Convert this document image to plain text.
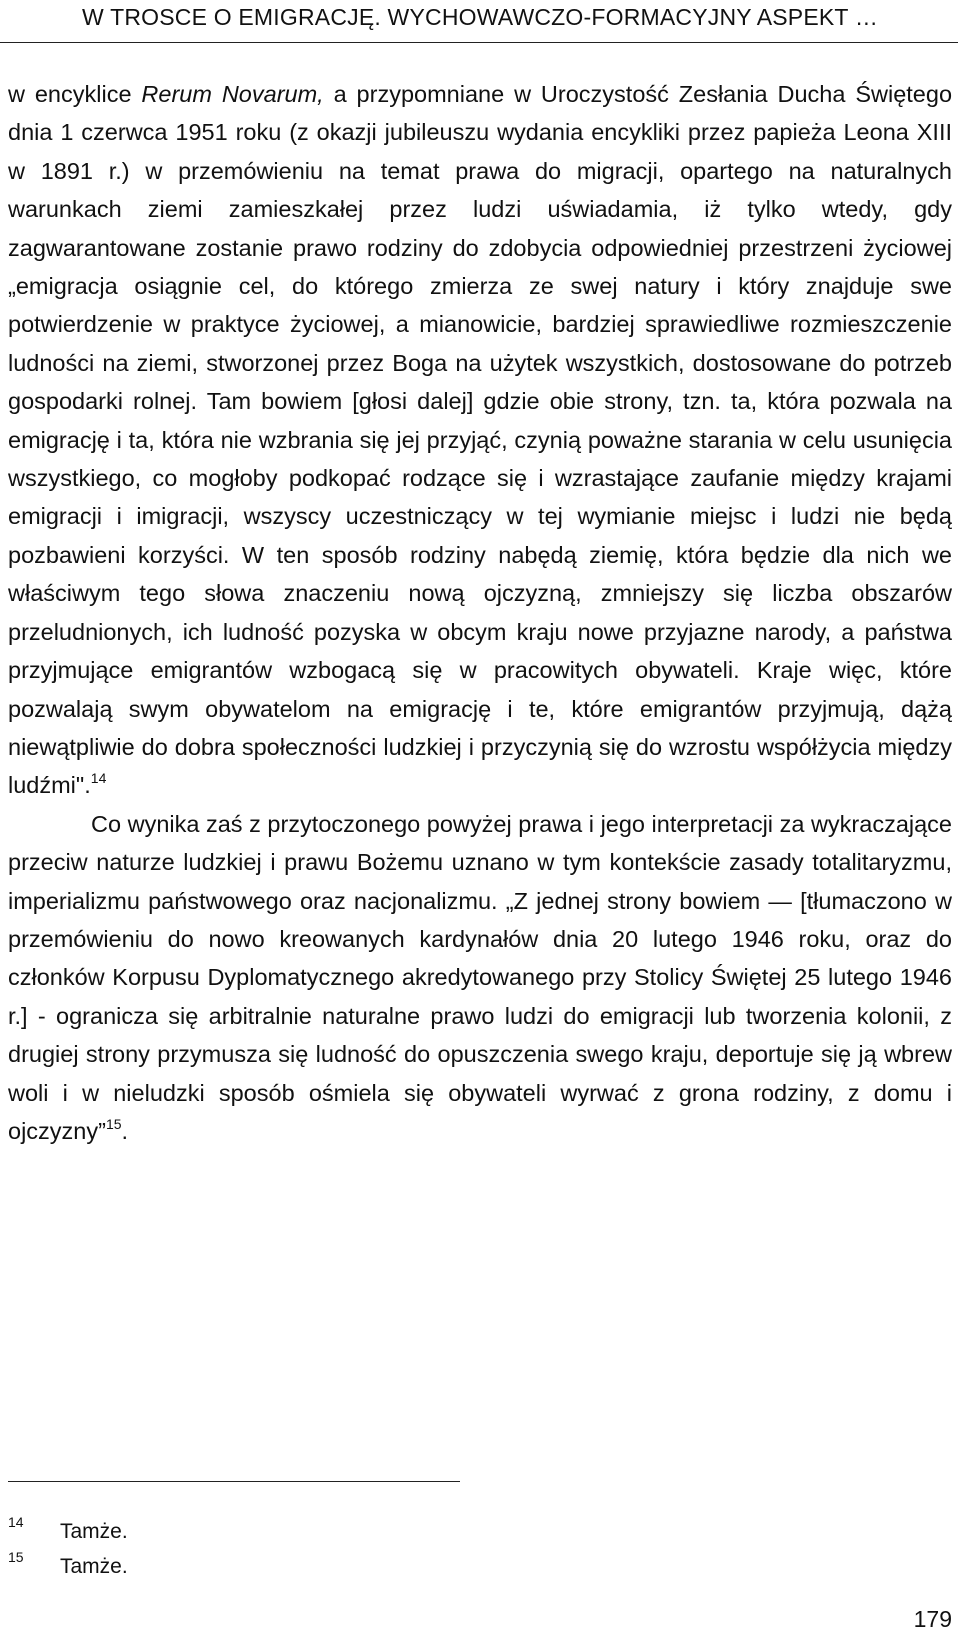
W TROSCE O EMIGRACJĘ. WYCHOWAWCZO-FORMACYJNY ASPEKT …

w encyklice Rerum Novarum, a przypomniane w Uroczystość Zesłania Ducha Świętego dnia 1 czerwca 1951 roku (z okazji jubileuszu wydania encykliki przez papieża Leona XIII w 1891 r.) w przemówieniu na temat prawa do migracji, opartego na naturalnych warunkach ziemi zamieszkałej przez ludzi uświadamia, iż tylko wtedy, gdy zagwarantowane zostanie prawo rodziny do zdobycia odpowiedniej przestrzeni życiowej „emigracja osiągnie cel, do którego zmierza ze swej natury i który znajduje swe potwierdzenie w praktyce życiowej, a mianowicie, bardziej sprawiedliwe rozmieszczenie ludności na ziemi, stworzonej przez Boga na użytek wszystkich, dostosowane do potrzeb gospodarki rolnej. Tam bowiem [głosi dalej] gdzie obie strony, tzn. ta, która pozwala na emigrację i ta, która nie wzbrania się jej przyjąć, czynią poważne starania w celu usunięcia wszystkiego, co mogłoby podkopać rodzące się i wzrastające zaufanie między krajami emigracji i imigracji, wszyscy uczestniczący w tej wymianie miejsc i ludzi nie będą pozbawieni korzyści. W ten sposób rodziny nabędą ziemię, która będzie dla nich we właściwym tego słowa znaczeniu nową ojczyzną, zmniejszy się liczba obszarów przeludnionych, ich ludność pozyska w obcym kraju nowe przyjazne narody, a państwa przyjmujące emigrantów wzbogacą się w pracowitych obywateli. Kraje więc, które pozwalają swym obywatelom na emigrację i te, które emigrantów przyjmują, dążą niewątpliwie do dobra społeczności ludzkiej i przyczynią się do wzrostu współżycia między ludźmi".$^{14}$

Co wynika zaś z przytoczonego powyżej prawa i jego interpretacji za wykraczające przeciw naturze ludzkiej i prawu Bożemu uznano w tym kontekście zasady totalitaryzmu, imperializmu państwowego oraz nacjonalizmu. „Z jednej strony bowiem — [tłumaczono w przemówieniu do nowo kreowanych kardynałów dnia 20 lutego 1946 roku, oraz do członków Korpusu Dyplomatycznego akredytowanego przy Stolicy Świętej 25 lutego 1946 r.] - ogranicza się arbitralnie naturalne prawo ludzi do emigracji lub tworzenia kolonii, z drugiej strony przymusza się ludność do opuszczenia swego kraju, deportuje się ją wbrew woli i w nieludzki sposób ośmiela się obywateli wyrwać z grona rodziny, z domu i ojczyzny”$^{15}$.

14 Tamże.
15 Tamże.
179
